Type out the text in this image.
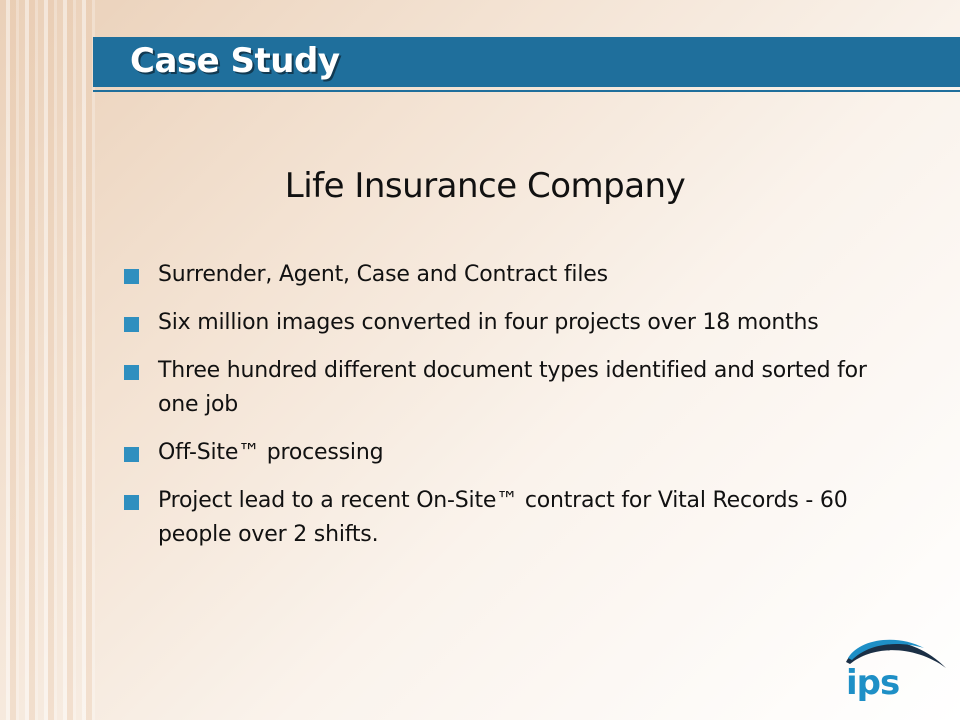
Case Study
Life Insurance Company
Surrender, Agent, Case and Contract files
Six million images converted in four projects over 18 months
Three hundred different document types identified and sorted for one job
Off-Site™ processing
Project lead to a recent On-Site™ contract for Vital Records - 60 people over 2 shifts.
ips
